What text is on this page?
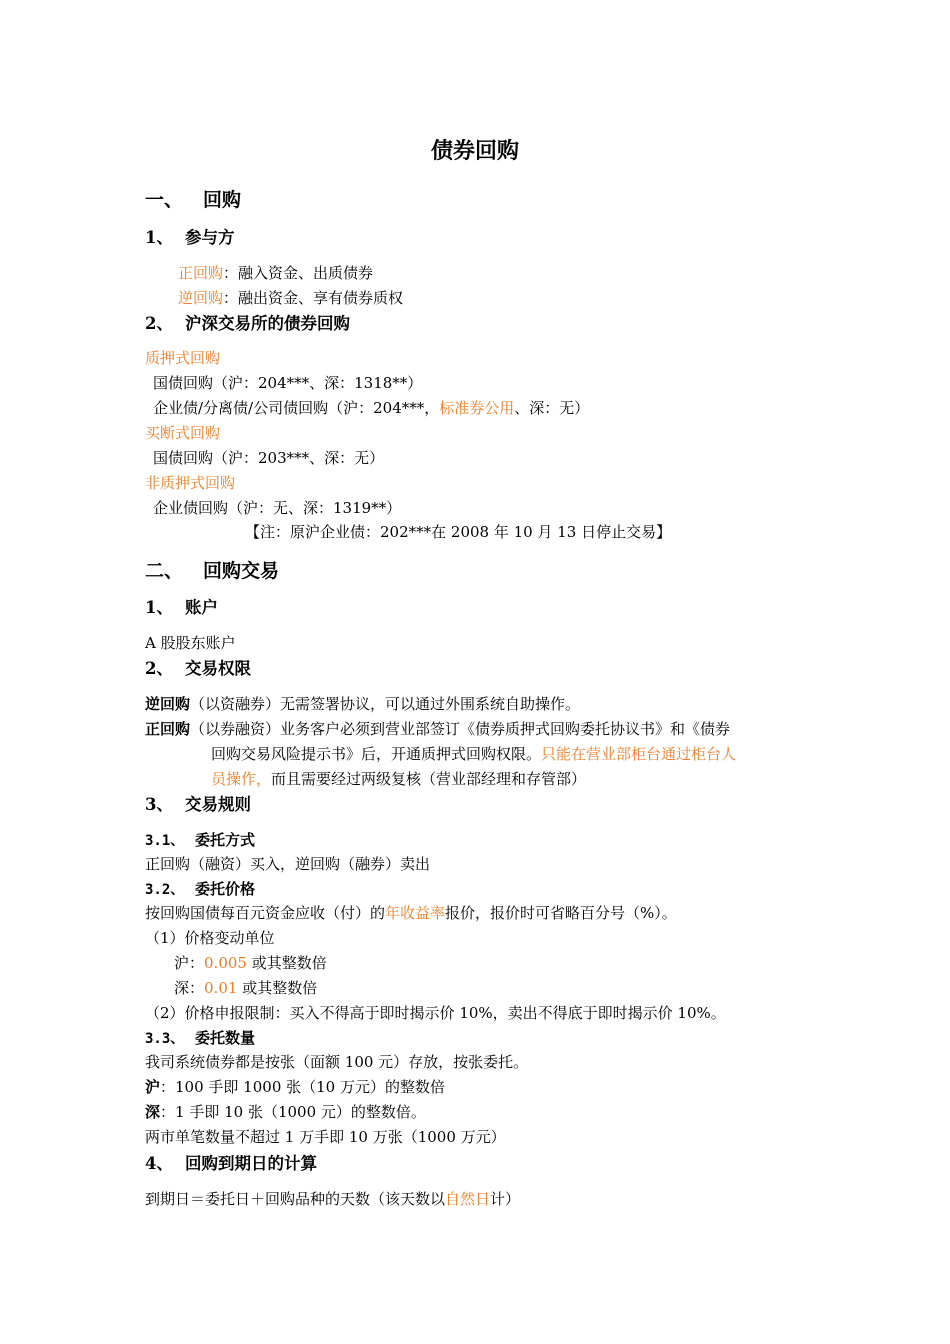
债券回购
一、 回购
1、 参与方
正回购：融入资金、出质债券
逆回购：融出资金、享有债券质权
2、 沪深交易所的债券回购
质押式回购
国债回购（沪：204***、深：1318**）
企业债/分离债/公司债回购（沪：204***，标准券公用、深：无）
买断式回购
国债回购（沪：203***、深：无）
非质押式回购
企业债回购（沪：无、深：1319**）
【注：原沪企业债：202***在 2008 年 10 月 13 日停止交易】
二、 回购交易
1、 账户
A 股股东账户
2、 交易权限
逆回购（以资融券）无需签署协议，可以通过外围系统自助操作。
正回购（以券融资）业务客户必须到营业部签订《债券质押式回购委托协议书》和《债券
回购交易风险提示书》后，开通质押式回购权限。只能在营业部柜台通过柜台人
员操作，而且需要经过两级复核（营业部经理和存管部）
3、 交易规则
3.1、 委托方式
正回购（融资）买入，逆回购（融券）卖出
3.2、 委托价格
按回购国债每百元资金应收（付）的年收益率报价，报价时可省略百分号（%）。
（1）价格变动单位
沪：0.005 或其整数倍
深：0.01 或其整数倍
（2）价格申报限制：买入不得高于即时揭示价 10%，卖出不得底于即时揭示价 10%。
3.3、 委托数量
我司系统债券都是按张（面额 100 元）存放，按张委托。
沪：100 手即 1000 张（10 万元）的整数倍
深：1 手即 10 张（1000 元）的整数倍。
两市单笔数量不超过 1 万手即 10 万张（1000 万元）
4、 回购到期日的计算
到期日＝委托日＋回购品种的天数（该天数以自然日计）
